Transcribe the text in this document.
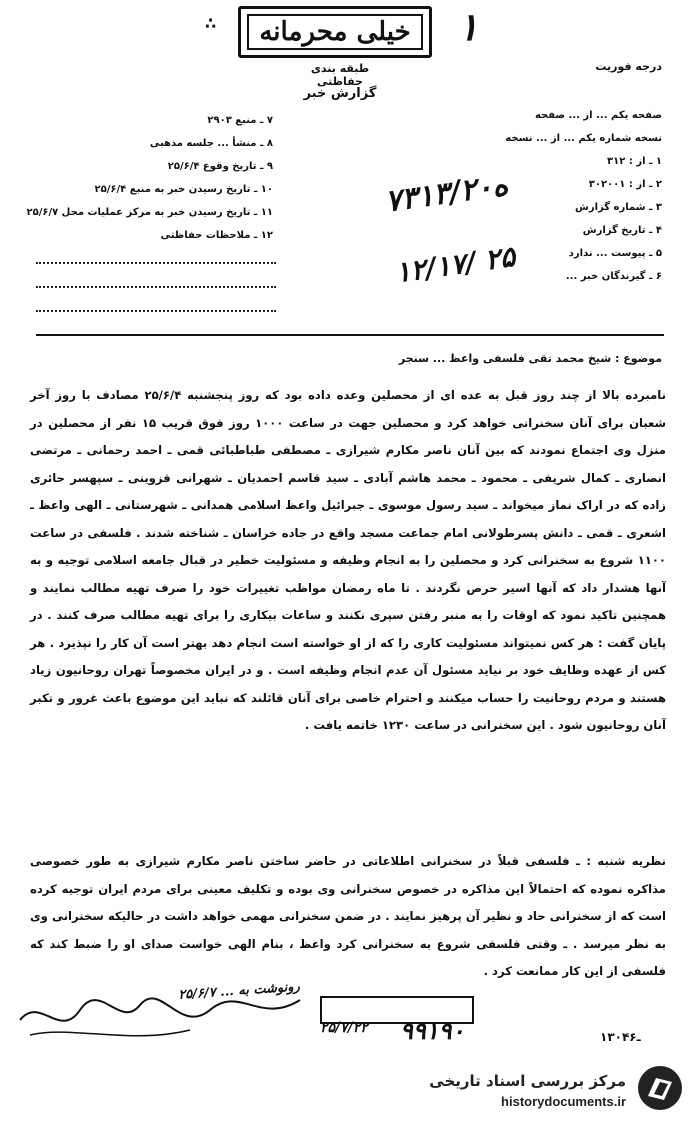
خیلی محرمانه	۱
∴
طبقه بندی حفاظتی
گزارش خبر
درجه فوریت
صفحه یکم ... از ... صفحه
نسخه شماره یکم ... از ... نسخه
۱ ـ از : ۳۱۲
۲ ـ از : ۳۰۲۰۰۱
۳ ـ شماره گزارش
۴ ـ تاریخ گزارش
۵ ـ پیوست ... ندارد
۶ ـ گیرندگان خبر ...
۷ ـ منبع ۲۹۰۳
۸ ـ منشأ ... جلسه مذهبی
۹ ـ تاریخ وقوع ۲۵/۶/۴
۱۰ ـ تاریخ رسیدن خبر به منبع ۲۵/۶/۴
۱۱ ـ تاریخ رسیدن خبر به مرکز عملیات محل ۲۵/۶/۷
۱۲ ـ ملاحظات حفاظتی
۷۳۱۳/۲۰ه
۱۲/۱۷/ ۲۵
موضوع : شیخ محمد تقی فلسفی واعظ ... سنجر

نامبرده بالا از چند روز قبل به عده ای از محصلین وعده داده بود که روز پنجشنبه ۲۵/۶/۴ مصادف با روز آخر شعبان برای آنان سخنرانی خواهد کرد و محصلین جهت در ساعت ۱۰۰۰ روز فوق قریب ۱۵ نفر از محصلین در منزل وی اجتماع نمودند که بین آنان ناصر مکارم شیرازی ـ مصطفی طباطبائی قمی ـ احمد رحمانی ـ مرتضی انصاری ـ کمال شریفی ـ محمود ـ محمد هاشم آبادی ـ سید قاسم احمدیان ـ شهرانی قزوینی ـ سپهسر حائری زاده که در اراک نماز میخواند ـ سید رسول موسوی ـ جبرائیل واعظ اسلامی همدانی ـ شهرستانی ـ الهی واعظ ـ اشعری ـ قمی ـ دانش پسرطولانی امام جماعت مسجد واقع در جاده خراسان ـ شناخته شدند . فلسفی در ساعت ۱۱۰۰ شروع به سخنرانی کرد و محصلین را به انجام وظیفه و مسئولیت خطیر در قبال جامعه اسلامی توجیه و به آنها هشدار داد که آنها اسیر حرص نگردند . تا ماه رمضان مواظب تغییرات خود را صرف تهیه مطالب نمایند و همچنین تاکید نمود که اوقات را به منبر رفتن سپری نکنند و ساعات بیکاری را برای تهیه مطالب صرف کنند . در پایان گفت : هر کس نمیتواند مسئولیت کاری را که از او خواسته است انجام دهد بهتر است آن کار را نپذیرد . هر کس از عهده وظایف خود بر نیاید مسئول آن عدم انجام وظیفه است . و در ایران مخصوصاً تهران روحانیون زیاد هستند و مردم روحانیت را حساب میکنند و احترام خاصی برای آنان قائلند که نباید این موضوع باعث غرور و تکبر آنان روحانیون شود . این سخنرانی در ساعت ۱۲۳۰ خاتمه یافت .

نظریه شنبه : ـ فلسفی قبلاً در سخنرانی اطلاعاتی در حاضر ساختن ناصر مکارم شیرازی به طور خصوصی مذاکره نموده که احتمالاً این مذاکره در خصوص سخنرانی وی بوده و تکلیف معینی برای مردم ایران توجیه کرده است که از سخنرانی حاد و نظیر آن پرهیز نمایند . در ضمن سخنرانی مهمی خواهد داشت در حالیکه سخنرانی وی به نظر میرسد . ـ وقتی فلسفی شروع به سخنرانی کرد واعظ ، بنام الهی خواست صدای او را ضبط کند که فلسفی از این کار ممانعت کرد .

رونوشت به ... ۲۵/۶/۷
۹۹۱۹۰
۲۵/۷/۲۲
۱۳۰ـ۴۶
مرکز بررسی اسناد تاریخی
historydocuments.ir
